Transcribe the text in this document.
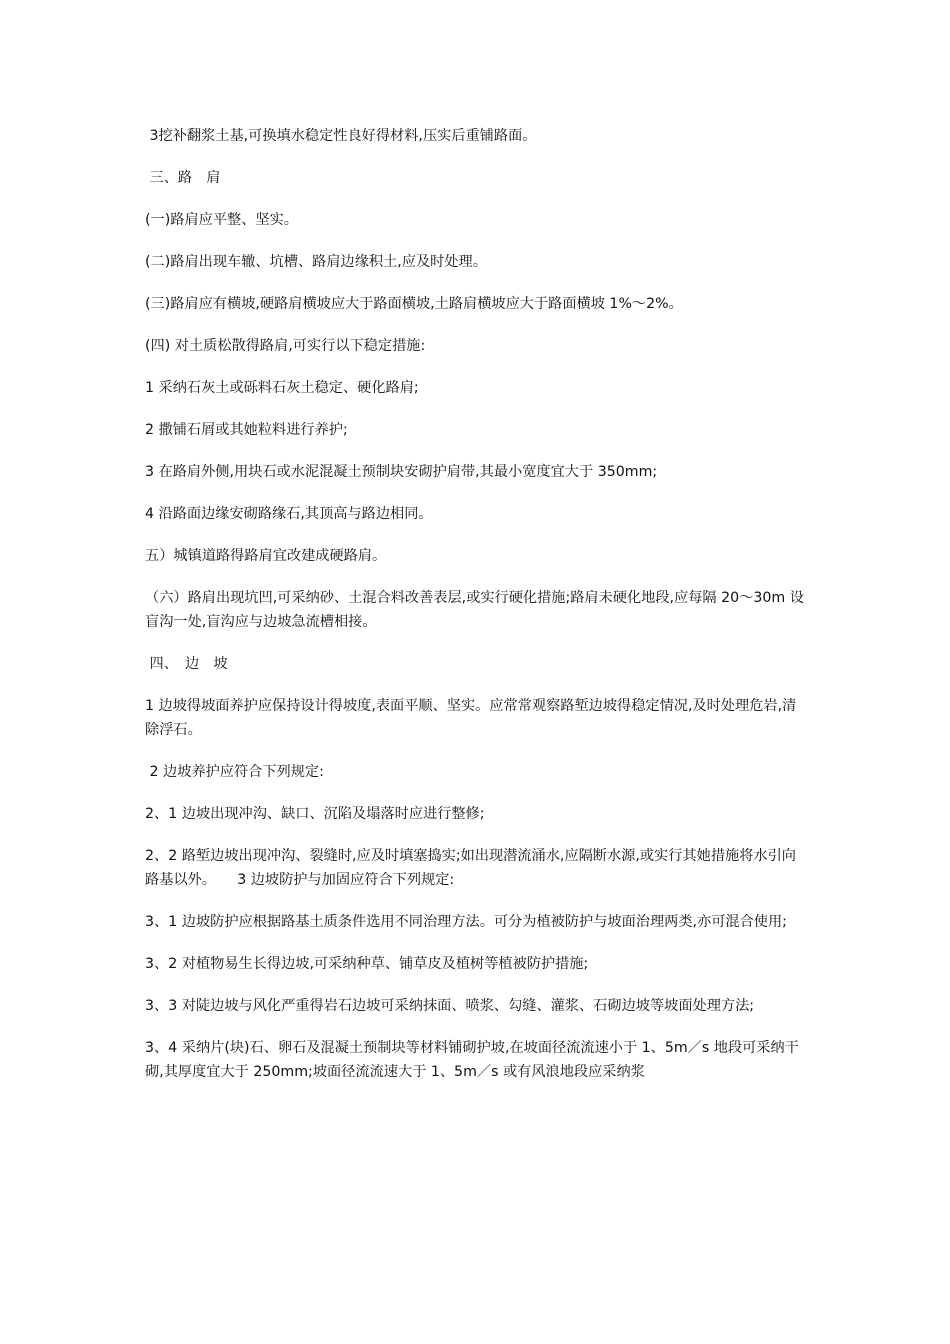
3挖补翻浆土基,可换填水稳定性良好得材料,压实后重铺路面。

三、路　肩

(一)路肩应平整、坚实。

(二)路肩出现车辙、坑槽、路肩边缘积土,应及时处理。

(三)路肩应有横坡,硬路肩横坡应大于路面横坡,土路肩横坡应大于路面横坡 1%～2%。

(四) 对土质松散得路肩,可实行以下稳定措施:

1 采纳石灰土或砾料石灰土稳定、硬化路肩;

2 撒铺石屑或其她粒料进行养护;

3 在路肩外侧,用块石或水泥混凝土预制块安砌护肩带,其最小宽度宜大于 350mm;

4 沿路面边缘安砌路缘石,其顶高与路边相同。

五）城镇道路得路肩宜改建成硬路肩。

（六）路肩出现坑凹,可采纳砂、土混合料改善表层,或实行硬化措施;路肩未硬化地段,应每隔 20～30m 设盲沟一处,盲沟应与边坡急流槽相接。

四、　边　坡

1 边坡得坡面养护应保持设计得坡度,表面平顺、坚实。应常常观察路堑边坡得稳定情况,及时处理危岩,清除浮石。

2 边坡养护应符合下列规定:

2、1 边坡出现冲沟、缺口、沉陷及塌落时应进行整修;

2、2 路堑边坡出现冲沟、裂缝时,应及时填塞捣实;如出现潜流涌水,应隔断水源,或实行其她措施将水引向路基以外。　　3 边坡防护与加固应符合下列规定:

3、1 边坡防护应根据路基土质条件选用不同治理方法。可分为植被防护与坡面治理两类,亦可混合使用;

3、2 对植物易生长得边坡,可采纳种草、铺草皮及植树等植被防护措施;

3、3 对陡边坡与风化严重得岩石边坡可采纳抹面、喷浆、勾缝、灌浆、石砌边坡等坡面处理方法;

3、4 采纳片(块)石、卵石及混凝土预制块等材料铺砌护坡,在坡面径流流速小于 1、5m／s 地段可采纳干砌,其厚度宜大于 250mm;坡面径流流速大于 1、5m／s 或有风浪地段应采纳浆
